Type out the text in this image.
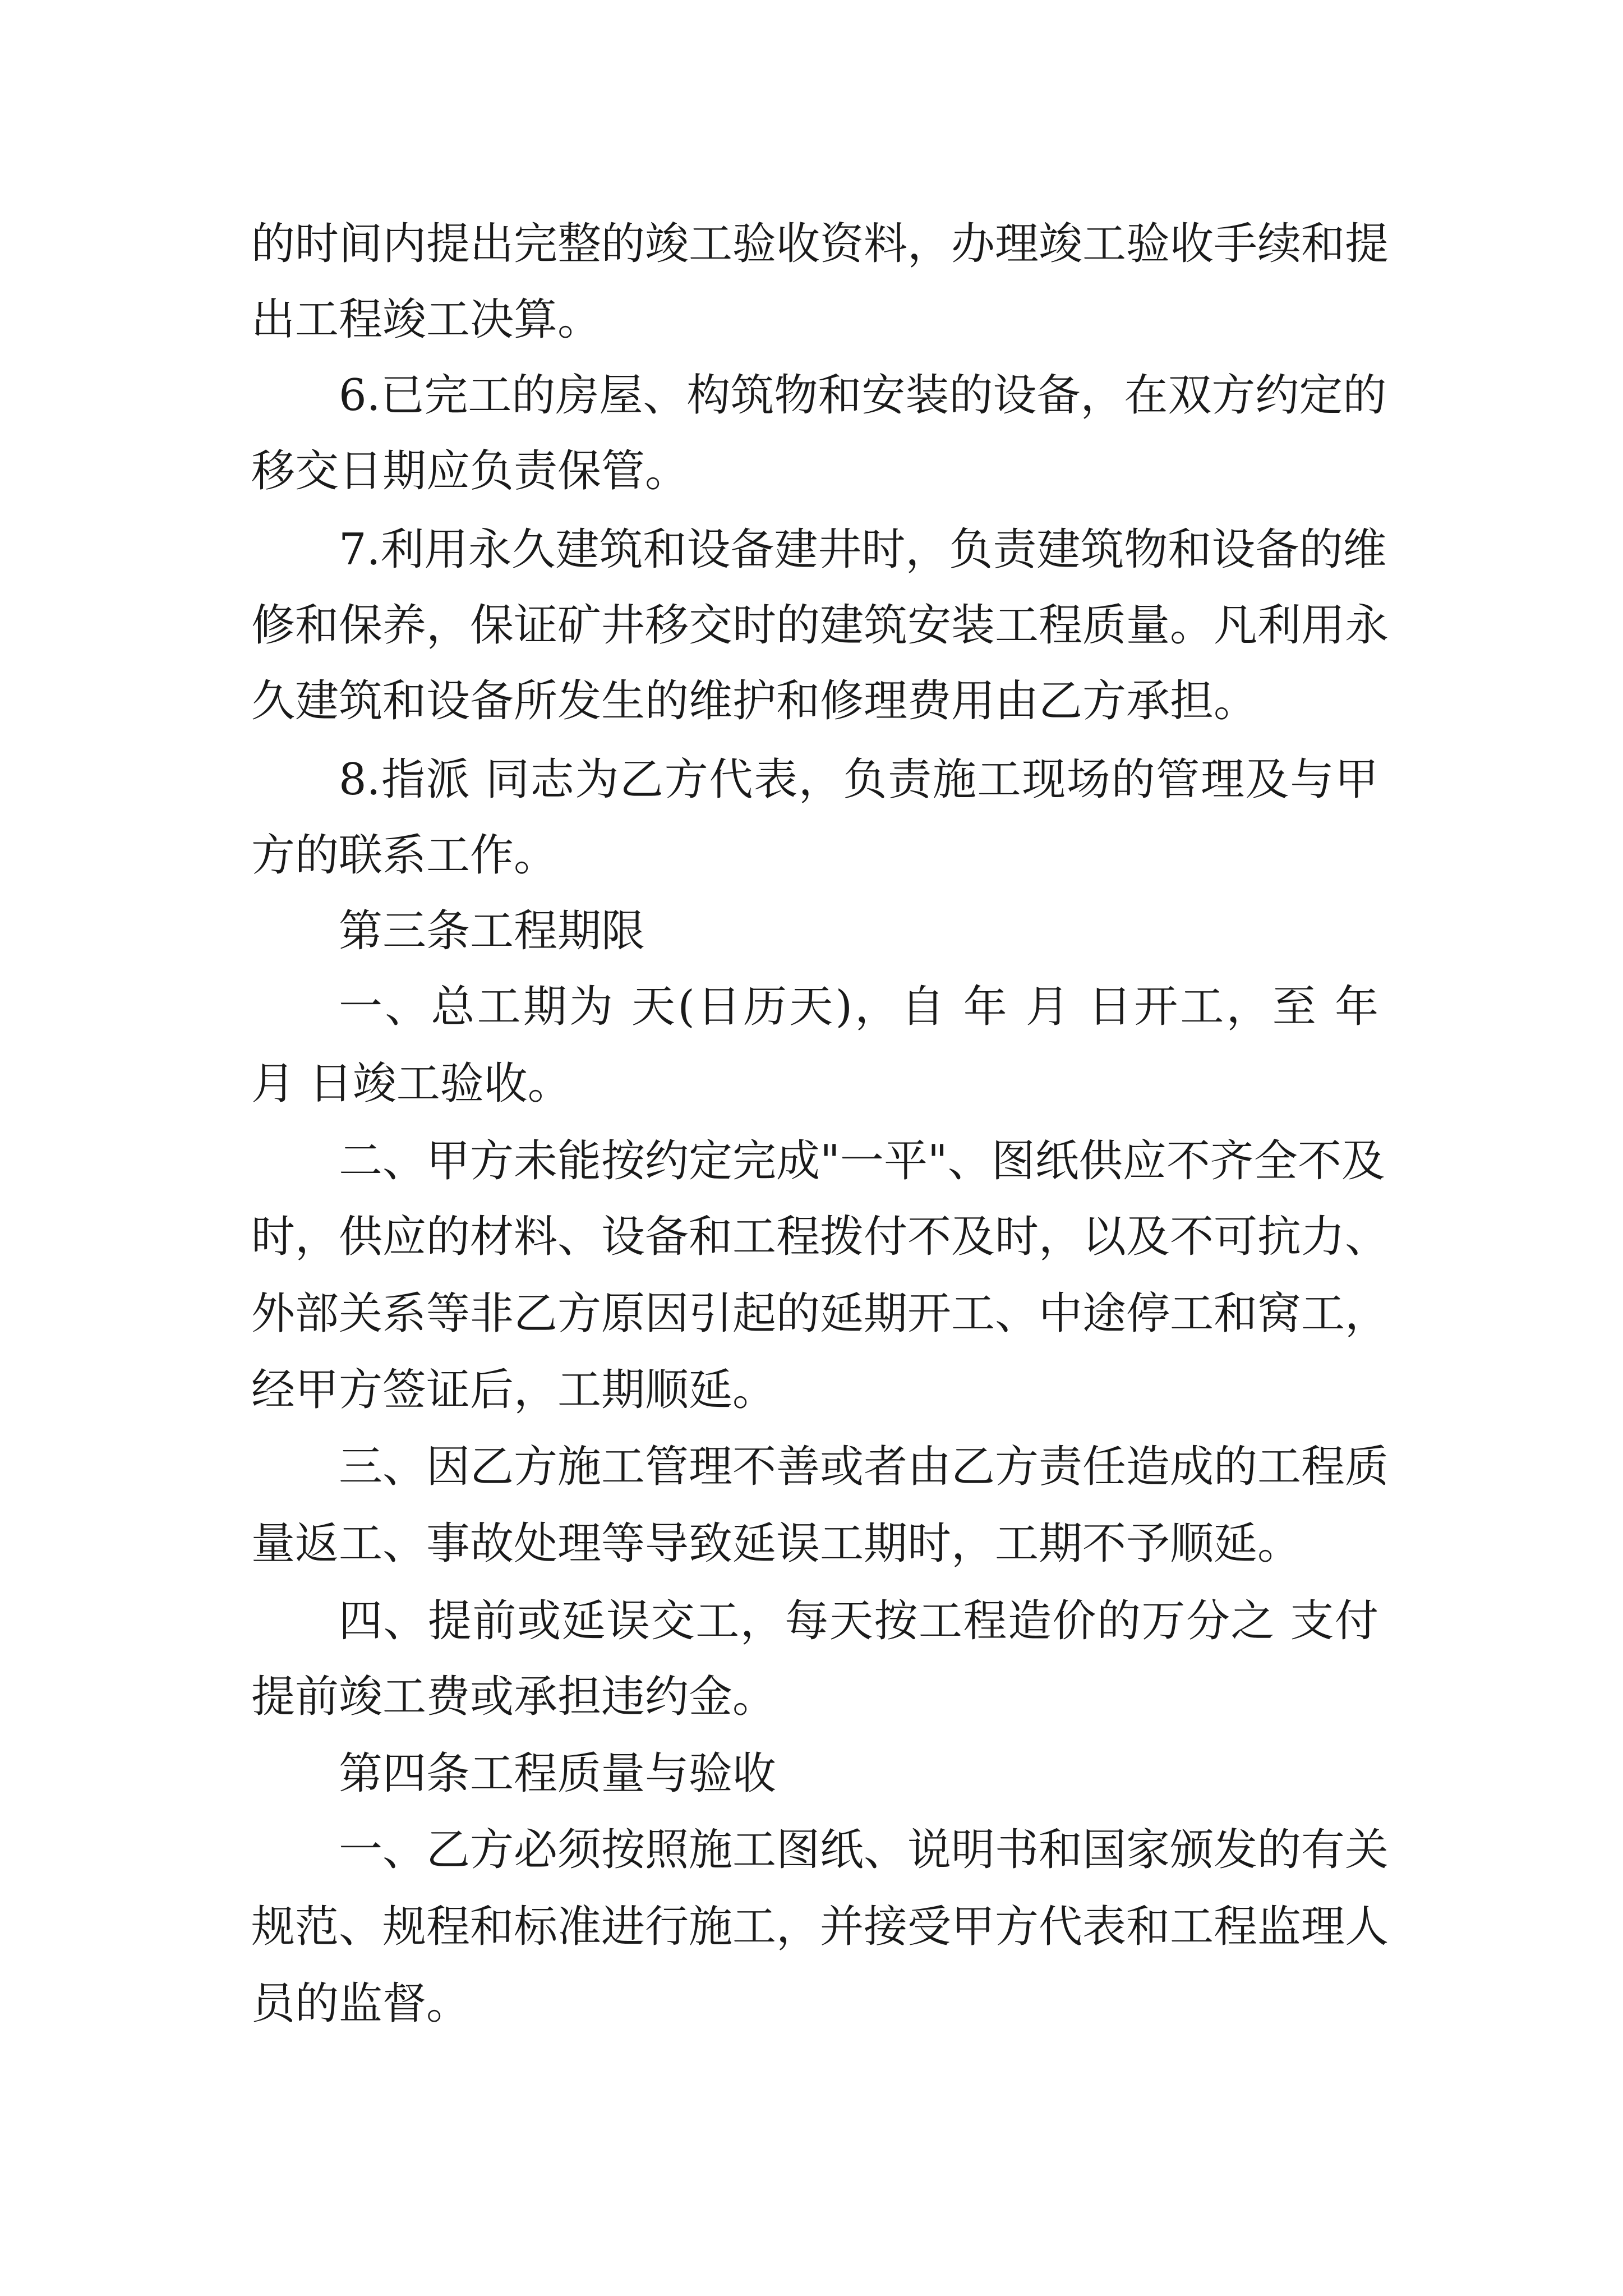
的时间内提出完整的竣工验收资料，办理竣工验收手续和提

出工程竣工决算。

6.已完工的房屋、构筑物和安装的设备，在双方约定的

移交日期应负责保管。

7.利用永久建筑和设备建井时，负责建筑物和设备的维

修和保养，保证矿井移交时的建筑安装工程质量。凡利用永

久建筑和设备所发生的维护和修理费用由乙方承担。

8.指派 同志为乙方代表，负责施工现场的管理及与甲

方的联系工作。

第三条工程期限

一、总工期为 天(日历天)，自 年 月 日开工，至 年

月 日竣工验收。

二、甲方未能按约定完成"一平"、图纸供应不齐全不及

时，供应的材料、设备和工程拨付不及时，以及不可抗力、

外部关系等非乙方原因引起的延期开工、中途停工和窝工，

经甲方签证后，工期顺延。

三、因乙方施工管理不善或者由乙方责任造成的工程质

量返工、事故处理等导致延误工期时，工期不予顺延。

四、提前或延误交工，每天按工程造价的万分之 支付

提前竣工费或承担违约金。

第四条工程质量与验收

一、乙方必须按照施工图纸、说明书和国家颁发的有关

规范、规程和标准进行施工，并接受甲方代表和工程监理人

员的监督。
